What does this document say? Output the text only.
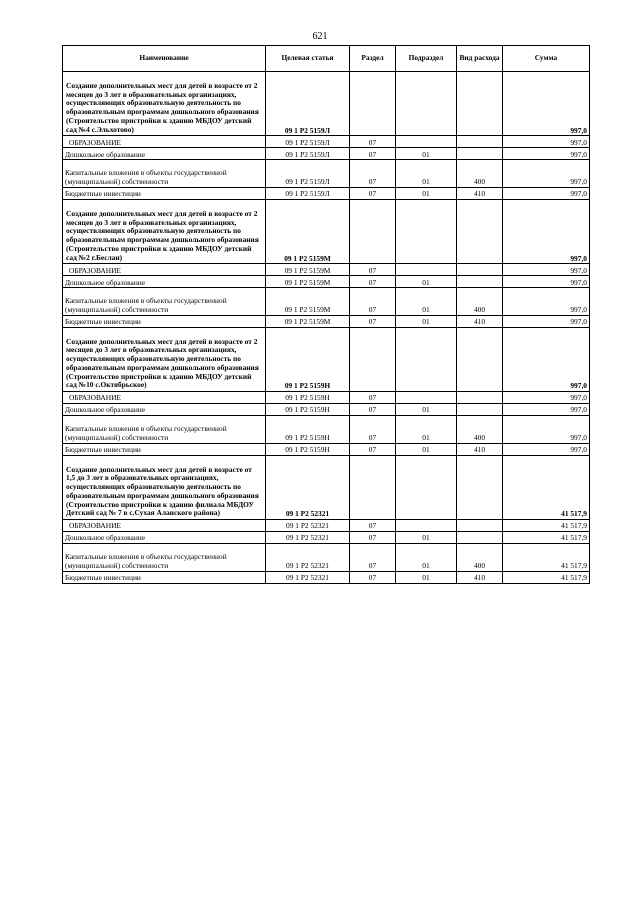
621
Наименование	Целевая статья	Раздел	Подраздел	Вид расхода	Сумма
Создание дополнительных мест для детей в возрасте от 2 месяцев до 3 лет в образовательных организациях, осуществляющих образовательную деятельность по образовательным программам дошкольного образования (Строительство пристройки к зданию МБДОУ детский сад №4 с.Эльхотово)	09 1 P2 5159Л				997,0
ОБРАЗОВАНИЕ	09 1 P2 5159Л	07			997,0
Дошкольное образование	09 1 P2 5159Л	07	01		997,0
Капитальные вложения в объекты государственной (муниципальной) собственности	09 1 P2 5159Л	07	01	400	997,0
Бюджетные инвестиции	09 1 P2 5159Л	07	01	410	997,0
Создание дополнительных мест для детей в возрасте от 2 месяцев до 3 лет в образовательных организациях, осуществляющих образовательную деятельность по образовательным программам дошкольного образования (Строительство пристройки к зданию МБДОУ детский сад №2 г.Беслан)	09 1 P2 5159M				997,0
ОБРАЗОВАНИЕ	09 1 P2 5159M	07			997,0
Дошкольное образование	09 1 P2 5159M	07	01		997,0
Капитальные вложения в объекты государственной (муниципальной) собственности	09 1 P2 5159M	07	01	400	997,0
Бюджетные инвестиции	09 1 P2 5159M	07	01	410	997,0
Создание дополнительных мест для детей в возрасте от 2 месяцев до 3 лет в образовательных организациях, осуществляющих образовательную деятельность по образовательным программам дошкольного образования (Строительство пристройки к зданию МБДОУ детский сад №10 с.Октябрьское)	09 1 P2 5159Н				997,0
ОБРАЗОВАНИЕ	09 1 P2 5159Н	07			997,0
Дошкольное образование	09 1 P2 5159Н	07	01		997,0
Капитальные вложения в объекты государственной (муниципальной) собственности	09 1 P2 5159Н	07	01	400	997,0
Бюджетные инвестиции	09 1 P2 5159Н	07	01	410	997,0
Создание дополнительных мест для детей в возрасте от 1,5 до 3 лет в образовательных организациях, осуществляющих образовательную деятельность по образовательным программам дошкольного образования (Строительство пристройки к зданию филиала МБДОУ Детский сад № 7 в с.Сухая Аланского района)	09 1 P2 52321				41 517,9
ОБРАЗОВАНИЕ	09 1 P2 52321	07			41 517,9
Дошкольное образование	09 1 P2 52321	07	01		41 517,9
Капитальные вложения в объекты государственной (муниципальной) собственности	09 1 P2 52321	07	01	400	41 517,9
Бюджетные инвестиции	09 1 P2 52321	07	01	410	41 517,9
